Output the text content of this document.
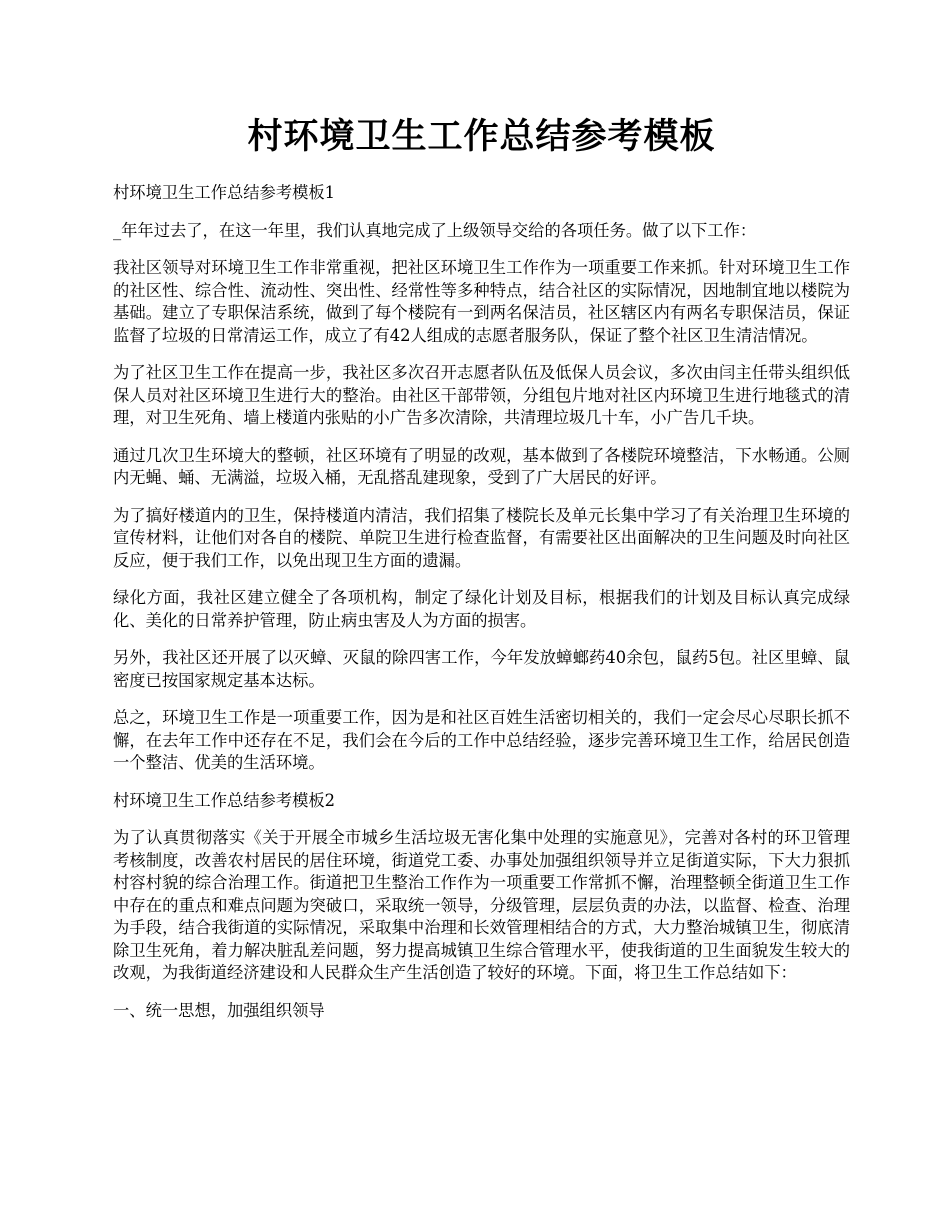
村环境卫生工作总结参考模板

村环境卫生工作总结参考模板1

_年年过去了，在这一年里，我们认真地完成了上级领导交给的各项任务。做了以下工作：

我社区领导对环境卫生工作非常重视，把社区环境卫生工作作为一项重要工作来抓。针对环境卫生工作的社区性、综合性、流动性、突出性、经常性等多种特点，结合社区的实际情况，因地制宜地以楼院为基础。建立了专职保洁系统，做到了每个楼院有一到两名保洁员，社区辖区内有两名专职保洁员，保证监督了垃圾的日常清运工作，成立了有42人组成的志愿者服务队，保证了整个社区卫生清洁情况。

为了社区卫生工作在提高一步，我社区多次召开志愿者队伍及低保人员会议，多次由闫主任带头组织低保人员对社区环境卫生进行大的整治。由社区干部带领，分组包片地对社区内环境卫生进行地毯式的清理，对卫生死角、墙上楼道内张贴的小广告多次清除，共清理垃圾几十车，小广告几千块。

通过几次卫生环境大的整顿，社区环境有了明显的改观，基本做到了各楼院环境整洁，下水畅通。公厕内无蝇、蛹、无满溢，垃圾入桶，无乱搭乱建现象，受到了广大居民的好评。

为了搞好楼道内的卫生，保持楼道内清洁，我们招集了楼院长及单元长集中学习了有关治理卫生环境的宣传材料，让他们对各自的楼院、单院卫生进行检查监督，有需要社区出面解决的卫生问题及时向社区反应，便于我们工作，以免出现卫生方面的遗漏。

绿化方面，我社区建立健全了各项机构，制定了绿化计划及目标，根据我们的计划及目标认真完成绿化、美化的日常养护管理，防止病虫害及人为方面的损害。

另外，我社区还开展了以灭蟑、灭鼠的除四害工作，今年发放蟑螂药40余包，鼠药5包。社区里蟑、鼠密度已按国家规定基本达标。

总之，环境卫生工作是一项重要工作，因为是和社区百姓生活密切相关的，我们一定会尽心尽职长抓不懈，在去年工作中还存在不足，我们会在今后的工作中总结经验，逐步完善环境卫生工作，给居民创造一个整洁、优美的生活环境。

村环境卫生工作总结参考模板2

为了认真贯彻落实《关于开展全市城乡生活垃圾无害化集中处理的实施意见》，完善对各村的环卫管理考核制度，改善农村居民的居住环境，街道党工委、办事处加强组织领导并立足街道实际，下大力狠抓村容村貌的综合治理工作。街道把卫生整治工作作为一项重要工作常抓不懈，治理整顿全街道卫生工作中存在的重点和难点问题为突破口，采取统一领导，分级管理，层层负责的办法，以监督、检查、治理为手段，结合我街道的实际情况，采取集中治理和长效管理相结合的方式，大力整治城镇卫生，彻底清除卫生死角，着力解决脏乱差问题，努力提高城镇卫生综合管理水平，使我街道的卫生面貌发生较大的改观，为我街道经济建设和人民群众生产生活创造了较好的环境。下面，将卫生工作总结如下：

一、统一思想，加强组织领导
